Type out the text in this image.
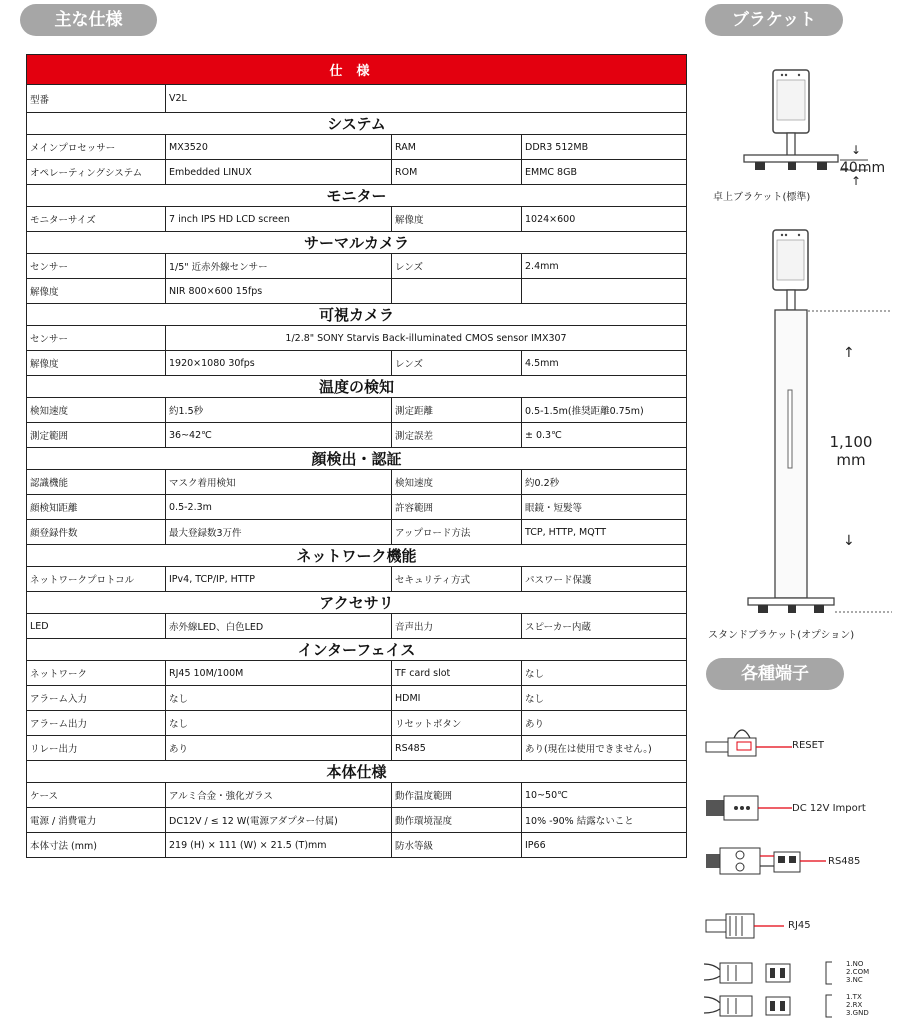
主な仕様	ブラケット
各種端子
仕様			
型番	V2L		
システム			
メインプロセッサー	MX3520	RAM	DDR3 512MB
オペレーティングシステム	Embedded LINUX	ROM	EMMC 8GB
モニター			
モニターサイズ	7 inch IPS HD LCD screen	解像度	1024×600
サーマルカメラ			
センサー	1/5" 近赤外線センサー	レンズ	2.4mm
解像度	NIR 800×600 15fps		
可視カメラ			
センサー	1/2.8" SONY Starvis Back-illuminated CMOS sensor IMX307		
解像度	1920×1080 30fps	レンズ	4.5mm
温度の検知			
検知速度	約1.5秒	測定距離	0.5-1.5m(推奨距離0.75m)
測定範囲	36~42℃	測定誤差	± 0.3℃
顔検出・認証			
認識機能	マスク着用検知	検知速度	約0.2秒
顔検知距離	0.5-2.3m	許容範囲	眼鏡・短髪等
顔登録件数	最大登録数3万件	アップロード方法	TCP, HTTP, MQTT
ネットワーク機能			
ネットワークプロトコル	IPv4, TCP/IP, HTTP	セキュリティ方式	パスワード保護
アクセサリ			
LED	赤外線LED、白色LED	音声出力	スピーカー内蔵
インターフェイス			
ネットワーク	RJ45 10M/100M	TF card slot	なし
アラーム入力	なし	HDMI	なし
アラーム出力	なし	リセットボタン	あり
リレー出力	あり	RS485	あり(現在は使用できません。)
本体仕様			
ケース	アルミ合金・強化ガラス	動作温度範囲	10~50℃
電源 / 消費電力	DC12V / ≤ 12 W(電源アダプター付属)	動作環境湿度	10% -90% 結露ないこと
本体寸法 (mm)	219 (H) × 111 (W) × 21.5 (T)mm	防水等級	IP66
↓
40mm
↑
卓上ブラケット(標準)
↑
1,100
mm
↓
スタンドブラケット(オプション)
RESET
DC 12V Import
RS485
RJ45
1.NO
2.COM
3.NC
1.TX
2.RX
3.GND
